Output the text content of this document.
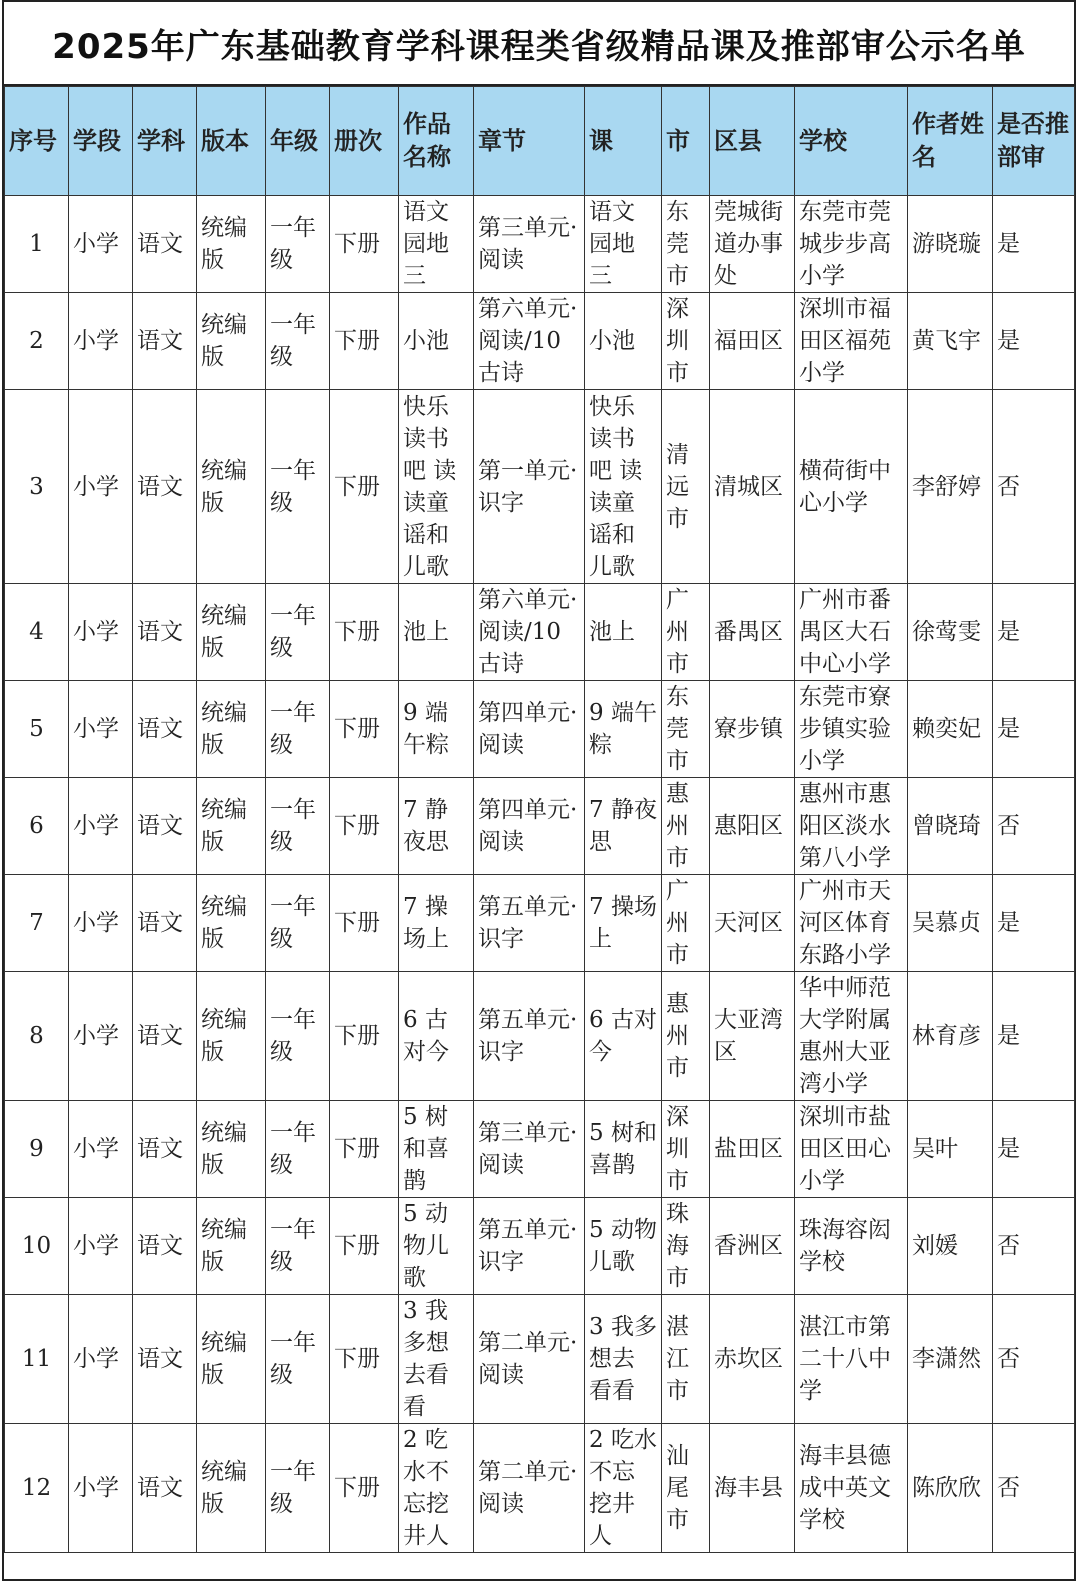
2025年广东基础教育学科课程类省级精品课及推部审公示名单
序号	学段	学科	版本	年级	册次	作品名称	章节	课	市	区县	学校	作者姓名	是否推部审
1	小学	语文	统编版	一年级	下册	语文园地三	第三单元·阅读	语文园地三	东莞市	莞城街道办事处	东莞市莞城步步高小学	游晓璇	是
2	小学	语文	统编版	一年级	下册	小池	第六单元·阅读/10古诗	小池	深圳市	福田区	深圳市福田区福苑小学	黄飞宇	是
3	小学	语文	统编版	一年级	下册	快乐读书吧 读读童谣和儿歌	第一单元·识字	快乐读书吧 读读童谣和儿歌	清远市	清城区	横荷街中心小学	李舒婷	否
4	小学	语文	统编版	一年级	下册	池上	第六单元·阅读/10古诗	池上	广州市	番禺区	广州市番禺区大石中心小学	徐莺雯	是
5	小学	语文	统编版	一年级	下册	9 端午粽	第四单元·阅读	9 端午粽	东莞市	寮步镇	东莞市寮步镇实验小学	赖奕妃	是
6	小学	语文	统编版	一年级	下册	7 静夜思	第四单元·阅读	7 静夜思	惠州市	惠阳区	惠州市惠阳区淡水第八小学	曾晓琦	否
7	小学	语文	统编版	一年级	下册	7 操场上	第五单元·识字	7 操场上	广州市	天河区	广州市天河区体育东路小学	吴慕贞	是
8	小学	语文	统编版	一年级	下册	6 古对今	第五单元·识字	6 古对今	惠州市	大亚湾区	华中师范大学附属惠州大亚湾小学	林育彦	是
9	小学	语文	统编版	一年级	下册	5 树和喜鹊	第三单元·阅读	5 树和喜鹊	深圳市	盐田区	深圳市盐田区田心小学	吴叶	是
10	小学	语文	统编版	一年级	下册	5 动物儿歌	第五单元·识字	5 动物儿歌	珠海市	香洲区	珠海容闳学校	刘媛	否
11	小学	语文	统编版	一年级	下册	3 我多想去看看	第二单元·阅读	3 我多想去看看	湛江市	赤坎区	湛江市第二十八中学	李潇然	否
12	小学	语文	统编版	一年级	下册	2 吃水不忘挖井人	第二单元·阅读	2 吃水不忘挖井人	汕尾市	海丰县	海丰县德成中英文学校	陈欣欣	否
